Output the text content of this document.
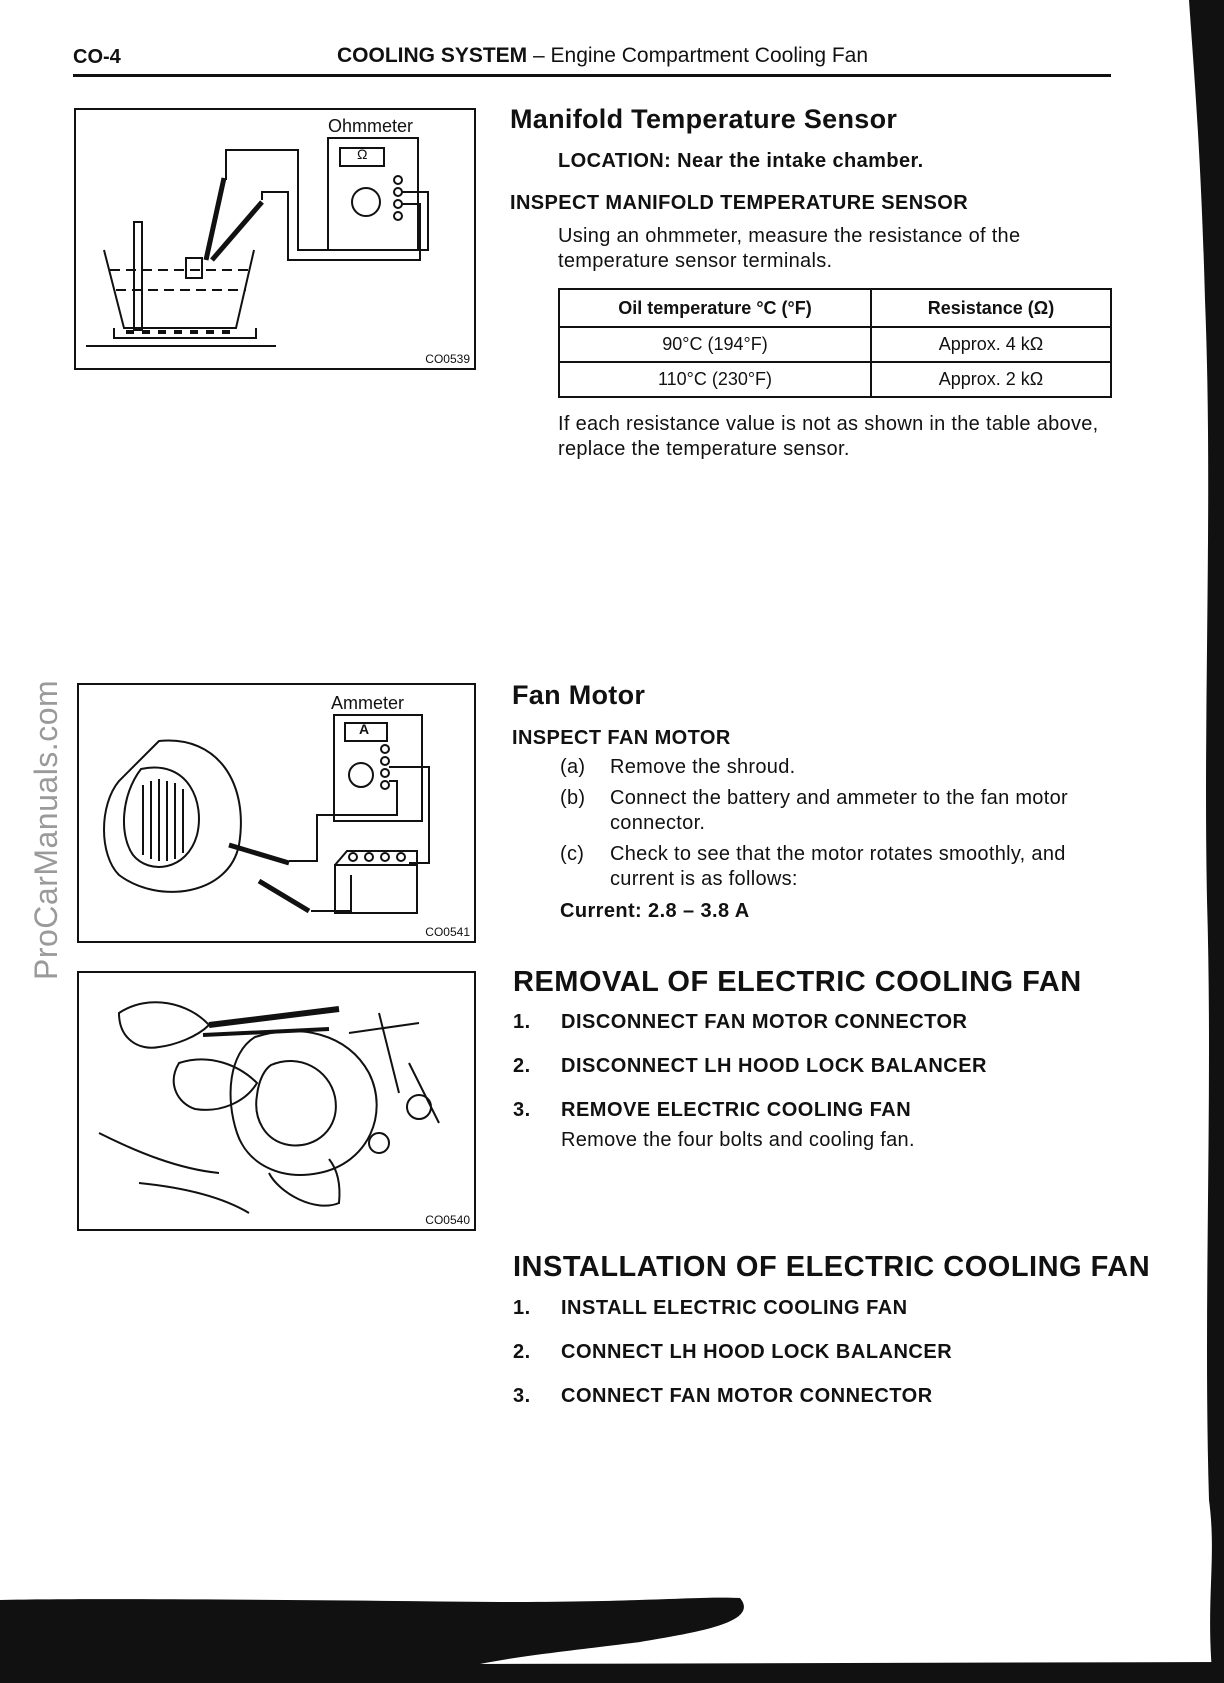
CO-4	COOLING SYSTEM – Engine Compartment Cooling Fan
ProCarManuals.com
Ohmmeter
Ω
CO0539
Manifold Temperature Sensor
LOCATION: Near the intake chamber.
INSPECT MANIFOLD TEMPERATURE SENSOR
Using an ohmmeter, measure the resistance of the temperature sensor terminals.
Oil temperature °C (°F)	Resistance (Ω)
90°C (194°F)	Approx. 4 kΩ
110°C (230°F)	Approx. 2 kΩ
If each resistance value is not as shown in the table above, replace the temperature sensor.
Ammeter
A
CO0541
Fan Motor
INSPECT FAN MOTOR
(a) Remove the shroud.
(b) Connect the battery and ammeter to the fan motor connector.
(c) Check to see that the motor rotates smoothly, and current is as follows:
Current: 2.8 – 3.8 A
CO0540
REMOVAL OF ELECTRIC COOLING FAN
1. DISCONNECT FAN MOTOR CONNECTOR
2. DISCONNECT LH HOOD LOCK BALANCER
3. REMOVE ELECTRIC COOLING FAN
Remove the four bolts and cooling fan.
INSTALLATION OF ELECTRIC COOLING FAN
1. INSTALL ELECTRIC COOLING FAN
2. CONNECT LH HOOD LOCK BALANCER
3. CONNECT FAN MOTOR CONNECTOR
